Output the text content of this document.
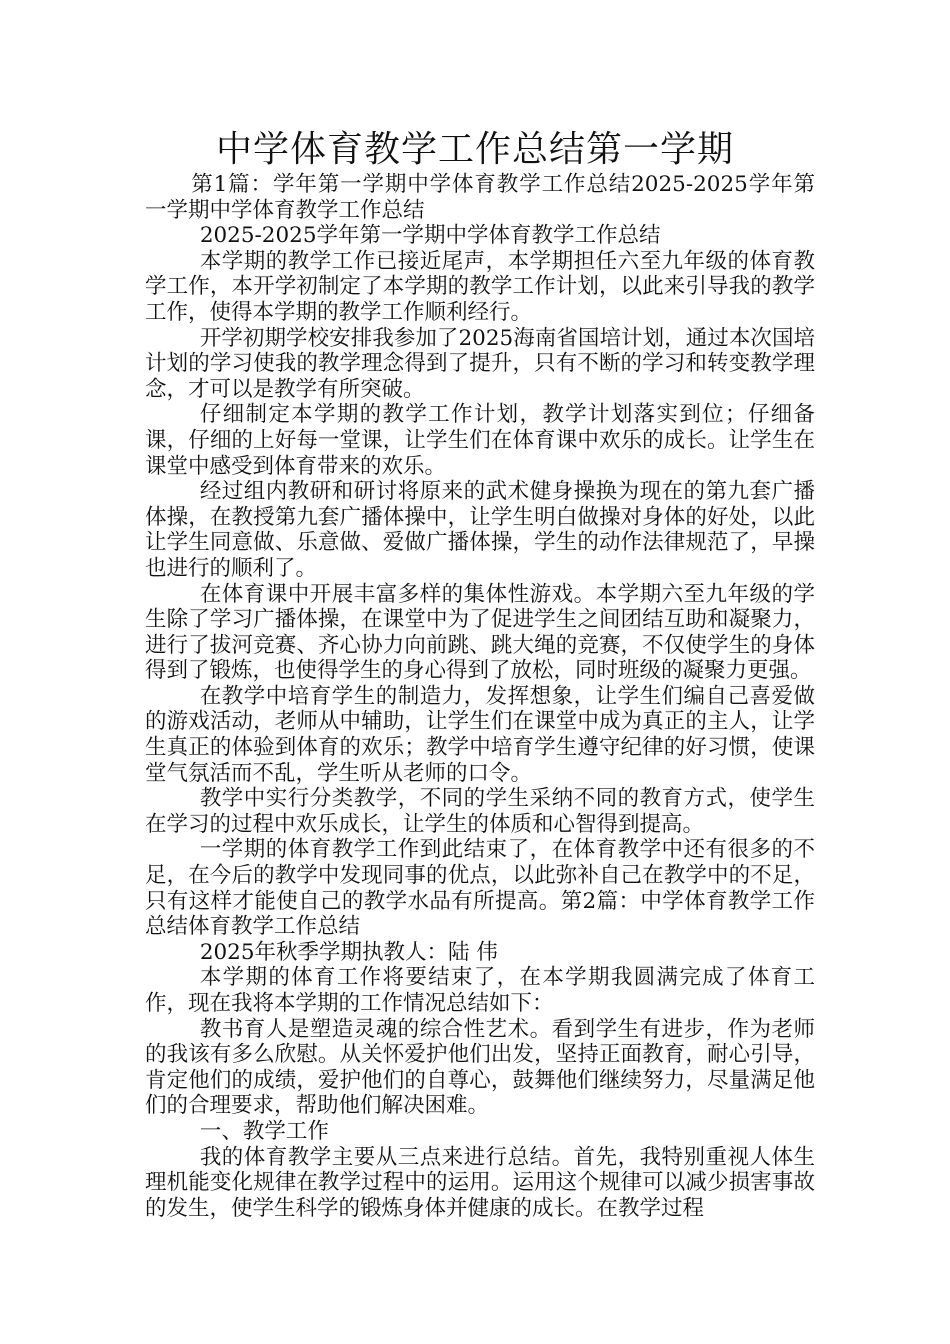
中学体育教学工作总结第一学期

第1篇：学年第一学期中学体育教学工作总结2025-2025学年第一学期中学体育教学工作总结

2025-2025学年第一学期中学体育教学工作总结

本学期的教学工作已接近尾声，本学期担任六至九年级的体育教学工作，本开学初制定了本学期的教学工作计划，以此来引导我的教学工作，使得本学期的教学工作顺利经行。

开学初期学校安排我参加了2025海南省国培计划，通过本次国培计划的学习使我的教学理念得到了提升，只有不断的学习和转变教学理念，才可以是教学有所突破。

仔细制定本学期的教学工作计划，教学计划落实到位；仔细备课，仔细的上好每一堂课，让学生们在体育课中欢乐的成长。让学生在课堂中感受到体育带来的欢乐。

经过组内教研和研讨将原来的武术健身操换为现在的第九套广播体操，在教授第九套广播体操中，让学生明白做操对身体的好处，以此让学生同意做、乐意做、爱做广播体操，学生的动作法律规范了，早操也进行的顺利了。

在体育课中开展丰富多样的集体性游戏。本学期六至九年级的学生除了学习广播体操，在课堂中为了促进学生之间团结互助和凝聚力，进行了拔河竞赛、齐心协力向前跳、跳大绳的竞赛，不仅使学生的身体得到了锻炼，也使得学生的身心得到了放松，同时班级的凝聚力更强。

在教学中培育学生的制造力，发挥想象，让学生们编自己喜爱做的游戏活动，老师从中辅助，让学生们在课堂中成为真正的主人，让学生真正的体验到体育的欢乐；教学中培育学生遵守纪律的好习惯，使课堂气氛活而不乱，学生听从老师的口令。

教学中实行分类教学，不同的学生采纳不同的教育方式，使学生在学习的过程中欢乐成长，让学生的体质和心智得到提高。

一学期的体育教学工作到此结束了，在体育教学中还有很多的不足，在今后的教学中发现同事的优点，以此弥补自己在教学中的不足，只有这样才能使自己的教学水品有所提高。第2篇：中学体育教学工作总结体育教学工作总结

2025年秋季学期执教人：陆 伟

本学期的体育工作将要结束了，在本学期我圆满完成了体育工作，现在我将本学期的工作情况总结如下：

教书育人是塑造灵魂的综合性艺术。看到学生有进步，作为老师的我该有多么欣慰。从关怀爱护他们出发，坚持正面教育，耐心引导，肯定他们的成绩，爱护他们的自尊心，鼓舞他们继续努力，尽量满足他们的合理要求，帮助他们解决困难。

一、教学工作

我的体育教学主要从三点来进行总结。首先，我特别重视人体生理机能变化规律在教学过程中的运用。运用这个规律可以减少损害事故的发生，使学生科学的锻炼身体并健康的成长。在教学过程
